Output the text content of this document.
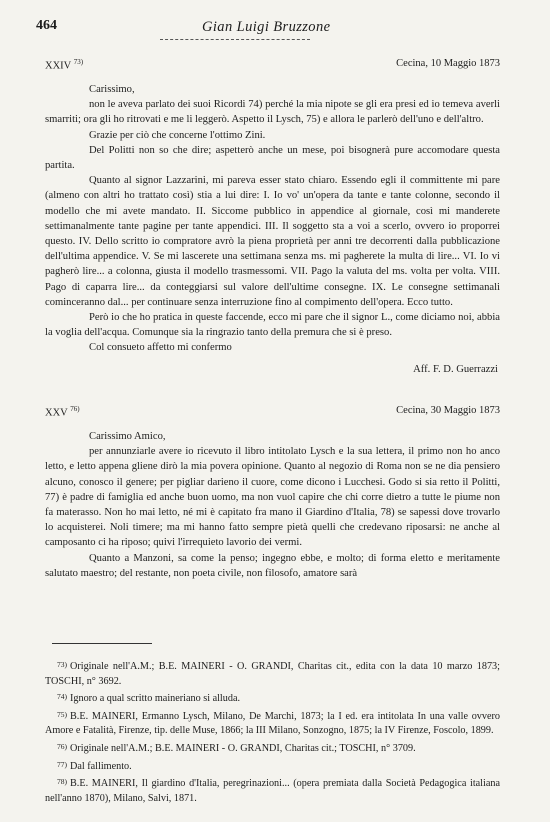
464	Gian Luigi Bruzzone
XXIV $^{73)}$	Cecina, 10 Maggio 1873

Carissimo,

non le aveva parlato dei suoi Ricordi 74) perché la mia nipote se gli era presi ed io temeva averli smarriti; ora gli ho ritrovati e me li leggerò. Aspetto il Lysch, 75) e allora le parlerò dell'uno e dell'altro.

Grazie per ciò che concerne l'ottimo Zini.

Del Politti non so che dire; aspetterò anche un mese, poi bisognerà pure accomodare questa partita.

Quanto al signor Lazzarini, mi pareva esser stato chiaro. Essendo egli il committente mi pare (almeno con altri ho trattato così) stia a lui dire: I. Io vo' un'opera da tante e tante colonne, secondo il modello che mi avete mandato. II. Siccome pubblico in appendice al giornale, così mi manderete settimanalmente tante pagine per tante appendici. III. Il soggetto sta a voi a scerlo, ovvero io proporrei questo. IV. Dello scritto io compratore avrò la piena proprietà per anni tre decorrenti dalla pubblicazione dell'ultima appendice. V. Se mi lascerete una settimana senza ms. mi pagherete la multa di lire... VI. Io vi pagherò lire... a colonna, giusta il modello trasmessomi. VII. Pago la valuta del ms. volta per volta. VIII. Pago di caparra lire... da conteggiarsi sul valore dell'ultime consegne. IX. Le consegne settimanali cominceranno dal... per continuare senza interruzione fino al compimento dell'opera. Ecco tutto.

Però io che ho pratica in queste faccende, ecco mi pare che il signor L., come diciamo noi, abbia la voglia dell'acqua. Comunque sia la ringrazio tanto della premura che si è preso.

Col consueto affetto mi confermo

Aff. F. D. Guerrazzi

XXV $^{76)}$	Cecina, 30 Maggio 1873

Carissimo Amico,

per annunziarle avere io ricevuto il libro intitolato Lysch e la sua lettera, il primo non ho anco letto, e letto appena gliene dirò la mia povera opinione. Quanto al negozio di Roma non se ne dia pensiero alcuno, conosco il genere; per pigliar darieno il cuore, come dicono i Lucchesi. Godo si sia retto il Politti, 77) è padre di famiglia ed anche buon uomo, ma non vuol capire che chi corre dietro a tutte le piume non fa materasso. Non ho mai letto, né mi è capitato fra mano il Giardino d'Italia, 78) se sapessi dove trovarlo lo acquisterei. Noli timere; ma mi hanno fatto sempre pietà quelli che credevano riposarsi: ne anche al camposanto ci ha riposo; quivi l'irrequieto lavorio dei vermi.

Quanto a Manzoni, sa come la penso; ingegno ebbe, e molto; di forma eletto e meritamente salutato maestro; del restante, non poeta civile, non filosofo, amatore sarà

73) Originale nell'A.M.; B.E. MAINERI - O. GRANDI, Charitas cit., edita con la data 10 marzo 1873; TOSCHI, n° 3692.

74) Ignoro a qual scritto maineriano si alluda.

75) B.E. MAINERI, Ermanno Lysch, Milano, De Marchi, 1873; la I ed. era intitolata In una valle ovvero Amore e Fatalità, Firenze, tip. delle Muse, 1866; la III Milano, Sonzogno, 1875; la IV Firenze, Foscolo, 1899.

76) Originale nell'A.M.; B.E. MAINERI - O. GRANDI, Charitas cit.; TOSCHI, n° 3709.

77) Dal fallimento.

78) B.E. MAINERI, Il giardino d'Italia, peregrinazioni... (opera premiata dalla Società Pedagogica italiana nell'anno 1870), Milano, Salvi, 1871.
